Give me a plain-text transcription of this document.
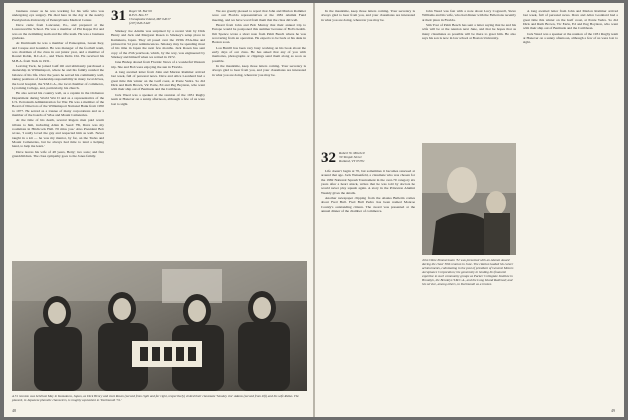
business career as he was working for his wife who was undergoing eye surgery. He died here in the day at the nearby Presbyterian-University of Pennsylvania Medical Center.

Dave came from Lancaster, Pa., and prepared at the Lawrenceville School. He was a member of Phi Kappa Psi and was on the swimming team and the rifle team. He was a business graduate.

At Dartmouth he was a member of Palaeopitus, Green Key, and Casque and Gauntlet. He was manager of the football team, was chairman of the class in our junior year, and a member of Round Robin, D.C.A.C., and Theta Delta Chi. He received his M.B.A. from Tuck in 1931.

Leaving Tuck, he joined Gulf Oil and ultimately purchased a dealership in Williamsport, where he and his family resided the balance of his life. Over the years he served his community well, taking positions of leadership responsibility in many local drives, the local hospital, the Y.M.C.A., the local chamber of commerce, Lycoming College, and, particularly, his church.

He also served his country well, as a captain in the Ordnance Department during World War II and as a representative of the U.S. Petroleum Administration for War. He was a member of the Board of Directors of the Williamsport National Bank from 1950 to 1977. He served as a trustee of many corporations and as a member of the boards of Wise and Mount Cemeteries.

At the time of his death, several Rogers men paid warm tribute to him, including Allen R. Seed: 'Hi, Dave was my roommate in Hitchcock Hall. I'll miss you.' Also President Bob wrote, 'I really loved the guy and respected him as well. Never taught in a kit — he was my mentor, by far, on the Tucks and Mount Cemeteries, but he always had time to lend a helping hand, to help me learn.'

Dave leaves his wife of 48 years, Betty; two sons; and five grandchildren. The class sympathy goes to the Jones family.

31 Roger M. Burrill
R.F.D. Box 37
Chesapeake Island, ME 04017
(207) 846-3440

Smokey Joe Adams was surprised by a recent visit by Dick Henry and Jack and Margaret Rosen to Smokey's setup place in Kamakura, Japan. They all posed over the 1930s ZSA-like and pictured in 54 year reminiscences. Smokey may be spending most of his time in Japan the next few months. Jack Rosen has sent copy of the 25th yearbook, which, by the way, was engineered by Smokey and himself when we retired in 1972.

Jane Bishop shared from Florida: News of a wonderful Western trip. She and Bob were enjoying the sun in Florida.

A long awaited letter from John and Marion Rommer arrived last week, full of personal news. Dave and Alice Leonhard had a great time this winter on the Gulf coast, at Ponte Vedra. So did Dick and Ruth Brown, Vic Earle, Ed and Pug Boynton, who went with their ship out of Bermuda and the Caribbean.

Jack Weed was a speaker at the reunion of the 1931 Rugby team at Hanover on a sunny afternoon, although a few of us were lost to sight.

We are greatly pleased to report that John and Marion Rommer were our Florida representatives at the 1981 Alumni Fund meeting, and we have word from them that the class did well.

Heard from John and Bob Murray that their annual trip to Europe would be postponed this summer because of Bob's health. Jim Spence wrote a short note from Palm Beach where he was recovering from an operation. He expects to be back at his desk in Boston soon.

Lou Burrill has been very busy working on his book about the early days of our class. He has asked that any of you with memories, photographs or clippings send them along as soon as possible.

In the meantime, keep those letters coming. Your secretary is always glad to hear from you, and your classmates are interested in what you are doing, wherever you may be.

A 31 reunion was held last May in Kamakura, Japan, as Dick Henry and Jack Rosen (second from right and far right, respectively) visited their classmate 'Smokey Joe' Adams (second from left) and his wife Ruiko. The placard, in Japanese phonetic characters, is roughly equivalent to 'Dartmouth '31.'
48

In the meantime, keep those letters coming. Your secretary is always glad to hear from you, and your classmates are interested in what you are doing, wherever you may be.

32 Robert W. Mitchell
39 Temple Street
Rutland, VT 05701

Life doesn't begin at 70, but sometimes it becomes renewed at around that age. Jack Weisenfeld, a classmate who was chosen for the 1982 National Squash Tournament in the over-70 category six years after a heart attack, writes that he was told by doctors he would never play squash again. A story in the Princeton Alumni Weekly gives the details.

Another newspaper clipping from the Alaska Bulletin comes about Fred Bull. Fred Bull Pedro has been named Monroe County's outstanding citizen. The award was presented at the annual dinner of the chamber of commerce.

John Weed was fast with a note about Lucy Cogswell, Steve Williams and his wife, who had dinner with the Fullertons recently at their place in Florida.

Sim Yost of Palm Beach has sent a letter saying that he and his wife will be at the reunion next June, and that he hopes that as many classmates as possible will be there to greet him. He also says his son is now in law school at Boston University.

John Ottoe Zimmermann '32 was presented with an Alumni Award during the class' 50th reunion in June. The citation lauded his career achievements, culminating in the post of president of General Motors Acceptance Corporation; his generosity in lending his financial expertise to such community groups as Packer Collegiate Institute in Brooklyn, the Brooklyn Y.M.C.A., and the Long Island Railroad; and his service, among others, to Dartmouth as a trustee.

A long awaited letter from John and Marion Rommer arrived last week, full of personal news. Dave and Alice Leonhard had a great time this winter on the Gulf coast, at Ponte Vedra. So did Dick and Ruth Brown, Vic Earle, Ed and Pug Boynton, who went with their ship out of Bermuda and the Caribbean.

Jack Weed was a speaker at the reunion of the 1931 Rugby team at Hanover on a sunny afternoon, although a few of us were lost to sight.

49
